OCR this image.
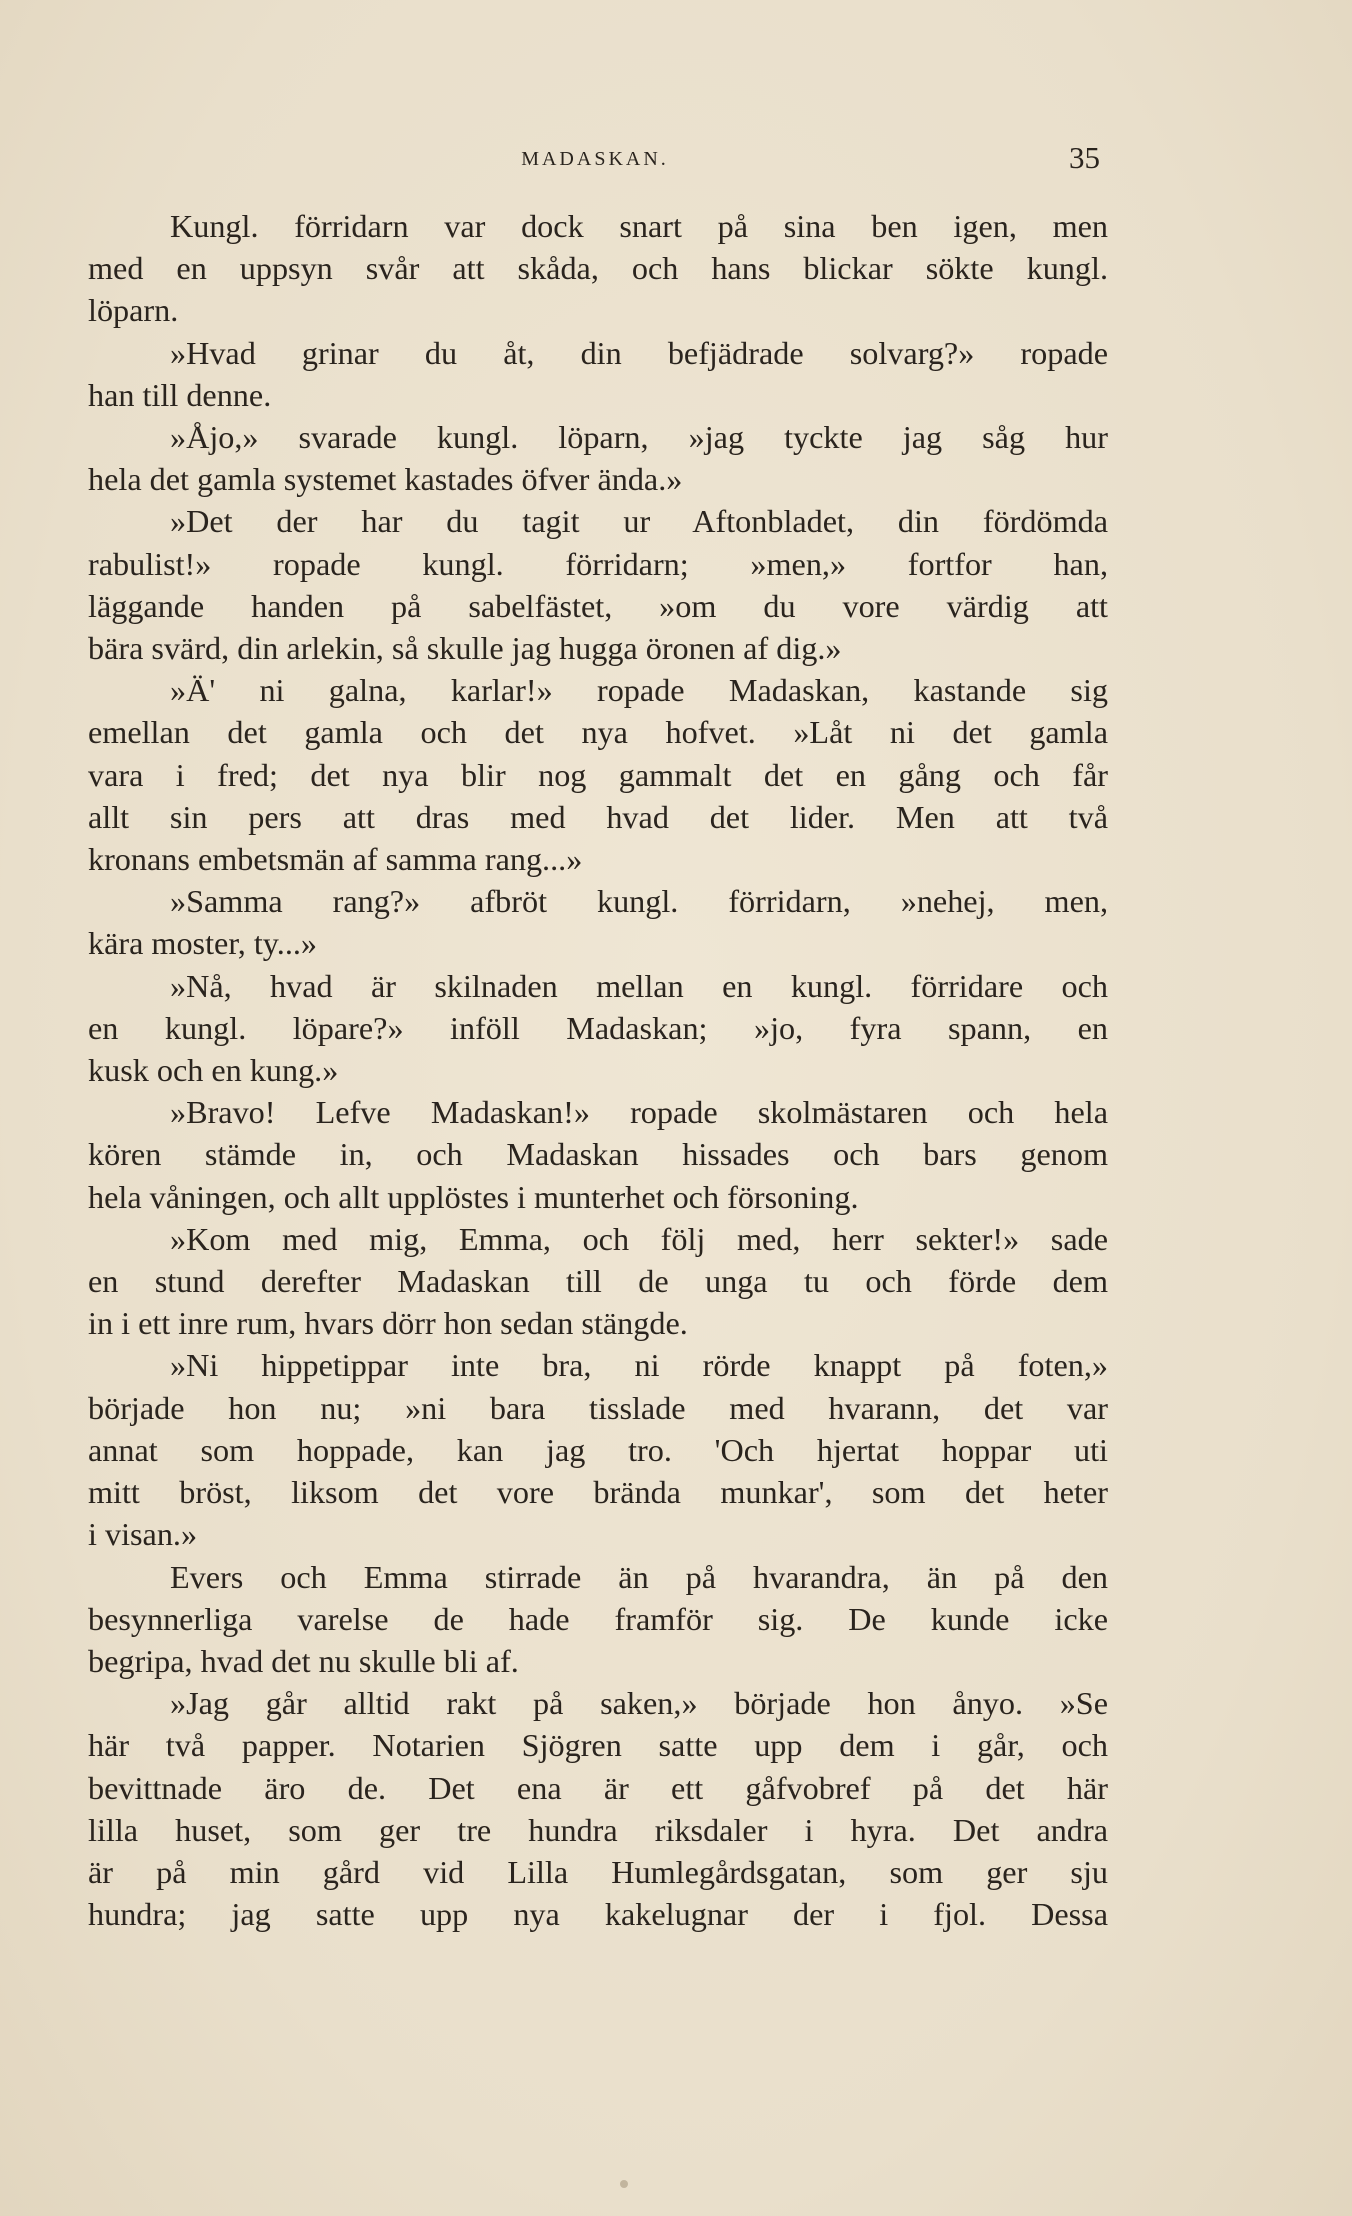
MADASKAN.	35
Kungl. förridarn var dock snart på sina ben igen, men
med en uppsyn svår att skåda, och hans blickar sökte kungl.
löparn.
»Hvad grinar du åt, din befjädrade solvarg?» ropade
han till denne.
»Åjo,» svarade kungl. löparn, »jag tyckte jag såg hur
hela det gamla systemet kastades öfver ända.»
»Det der har du tagit ur Aftonbladet, din fördömda
rabulist!» ropade kungl. förridarn; »men,» fortfor han,
läggande handen på sabelfästet, »om du vore värdig att
bära svärd, din arlekin, så skulle jag hugga öronen af dig.»
»Ä' ni galna, karlar!» ropade Madaskan, kastande sig
emellan det gamla och det nya hofvet. »Låt ni det gamla
vara i fred; det nya blir nog gammalt det en gång och får
allt sin pers att dras med hvad det lider. Men att två
kronans embetsmän af samma rang...»
»Samma rang?» afbröt kungl. förridarn, »nehej, men,
kära moster, ty...»
»Nå, hvad är skilnaden mellan en kungl. förridare och
en kungl. löpare?» inföll Madaskan; »jo, fyra spann, en
kusk och en kung.»
»Bravo! Lefve Madaskan!» ropade skolmästaren och hela
kören stämde in, och Madaskan hissades och bars genom
hela våningen, och allt upplöstes i munterhet och försoning.
»Kom med mig, Emma, och följ med, herr sekter!» sade
en stund derefter Madaskan till de unga tu och förde dem
in i ett inre rum, hvars dörr hon sedan stängde.
»Ni hippetippar inte bra, ni rörde knappt på foten,»
började hon nu; »ni bara tisslade med hvarann, det var
annat som hoppade, kan jag tro. 'Och hjertat hoppar uti
mitt bröst, liksom det vore brända munkar', som det heter
i visan.»
Evers och Emma stirrade än på hvarandra, än på den
besynnerliga varelse de hade framför sig. De kunde icke
begripa, hvad det nu skulle bli af.
»Jag går alltid rakt på saken,» började hon ånyo. »Se
här två papper. Notarien Sjögren satte upp dem i går, och
bevittnade äro de. Det ena är ett gåfvobref på det här
lilla huset, som ger tre hundra riksdaler i hyra. Det andra
är på min gård vid Lilla Humlegårdsgatan, som ger sju
hundra; jag satte upp nya kakelugnar der i fjol. Dessa
